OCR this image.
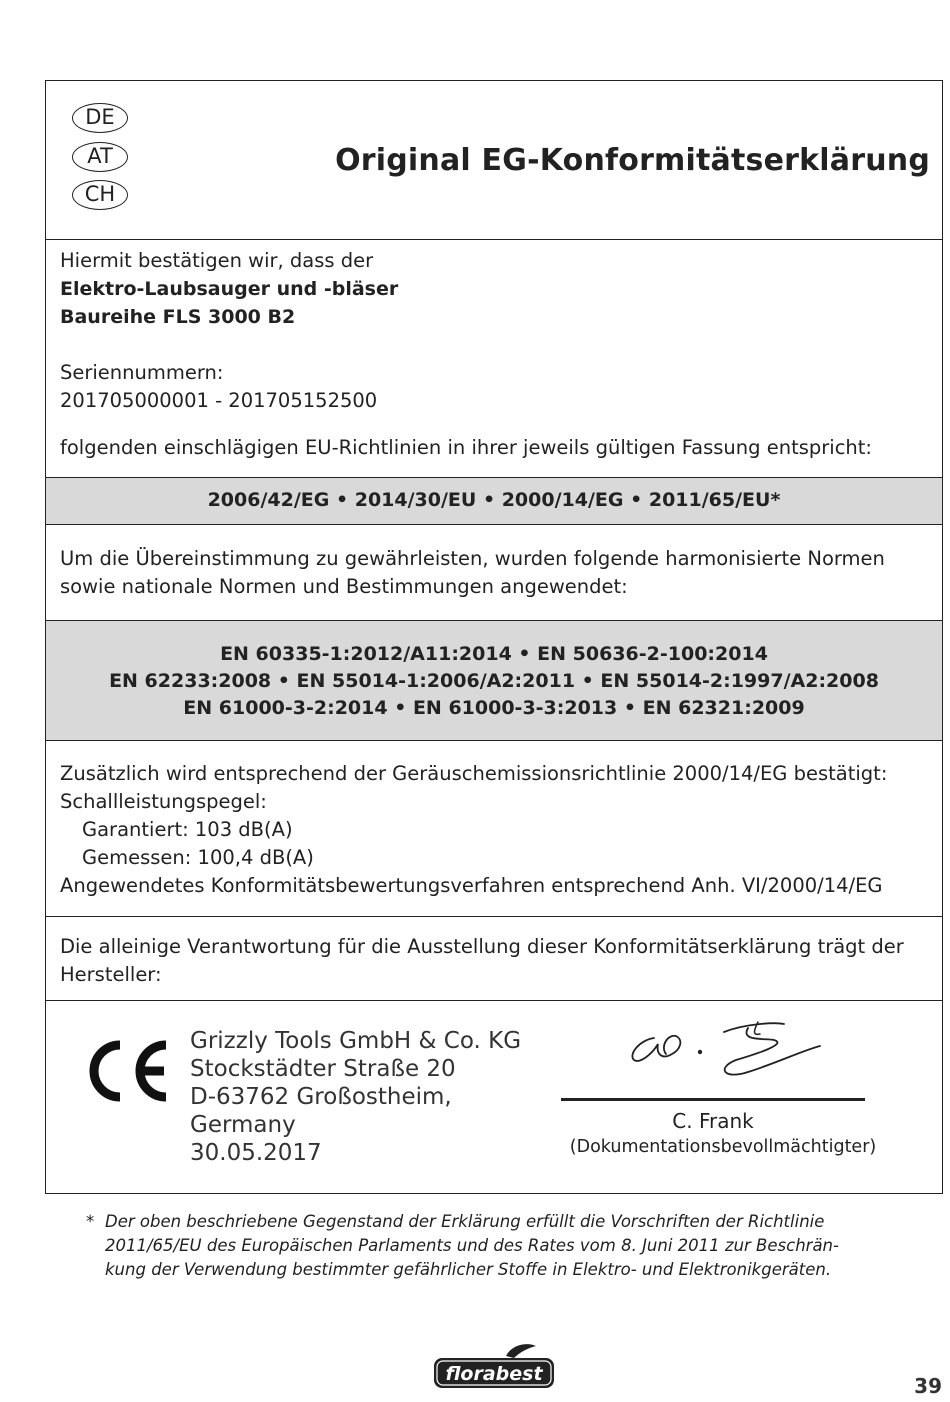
DE
AT
CH
Original EG-Konformitätserklärung
Hiermit bestätigen wir, dass der
Elektro-Laubsauger und -bläser
Baureihe FLS 3000 B2
Seriennummern:
201705000001 - 201705152500
folgenden einschlägigen EU-Richtlinien in ihrer jeweils gültigen Fassung entspricht:
2006/42/EG • 2014/30/EU • 2000/14/EG • 2011/65/EU*
Um die Übereinstimmung zu gewährleisten, wurden folgende harmonisierte Normen
sowie nationale Normen und Bestimmungen angewendet:
EN 60335-1:2012/A11:2014 • EN 50636-2-100:2014
EN 62233:2008 • EN 55014-1:2006/A2:2011 • EN 55014-2:1997/A2:2008
EN 61000-3-2:2014 • EN 61000-3-3:2013 • EN 62321:2009
Zusätzlich wird entsprechend der Geräuschemissionsrichtlinie 2000/14/EG bestätigt:
Schallleistungspegel:
Garantiert: 103 dB(A)
Gemessen: 100,4 dB(A)
Angewendetes Konformitätsbewertungsverfahren entsprechend Anh. VI/2000/14/EG
Die alleinige Verantwortung für die Ausstellung dieser Konformitätserklärung trägt der
Hersteller:
Grizzly Tools GmbH & Co. KG
Stockstädter Straße 20
D-63762 Großostheim,
Germany
30.05.2017
C. Frank
(Dokumentationsbevollmächtigter)
* Der oben beschriebene Gegenstand der Erklärung erfüllt die Vorschriften der Richtlinie
2011/65/EU des Europäischen Parlaments und des Rates vom 8. Juni 2011 zur Beschrän-
kung der Verwendung bestimmter gefährlicher Stoffe in Elektro- und Elektronikgeräten.
florabest	39
